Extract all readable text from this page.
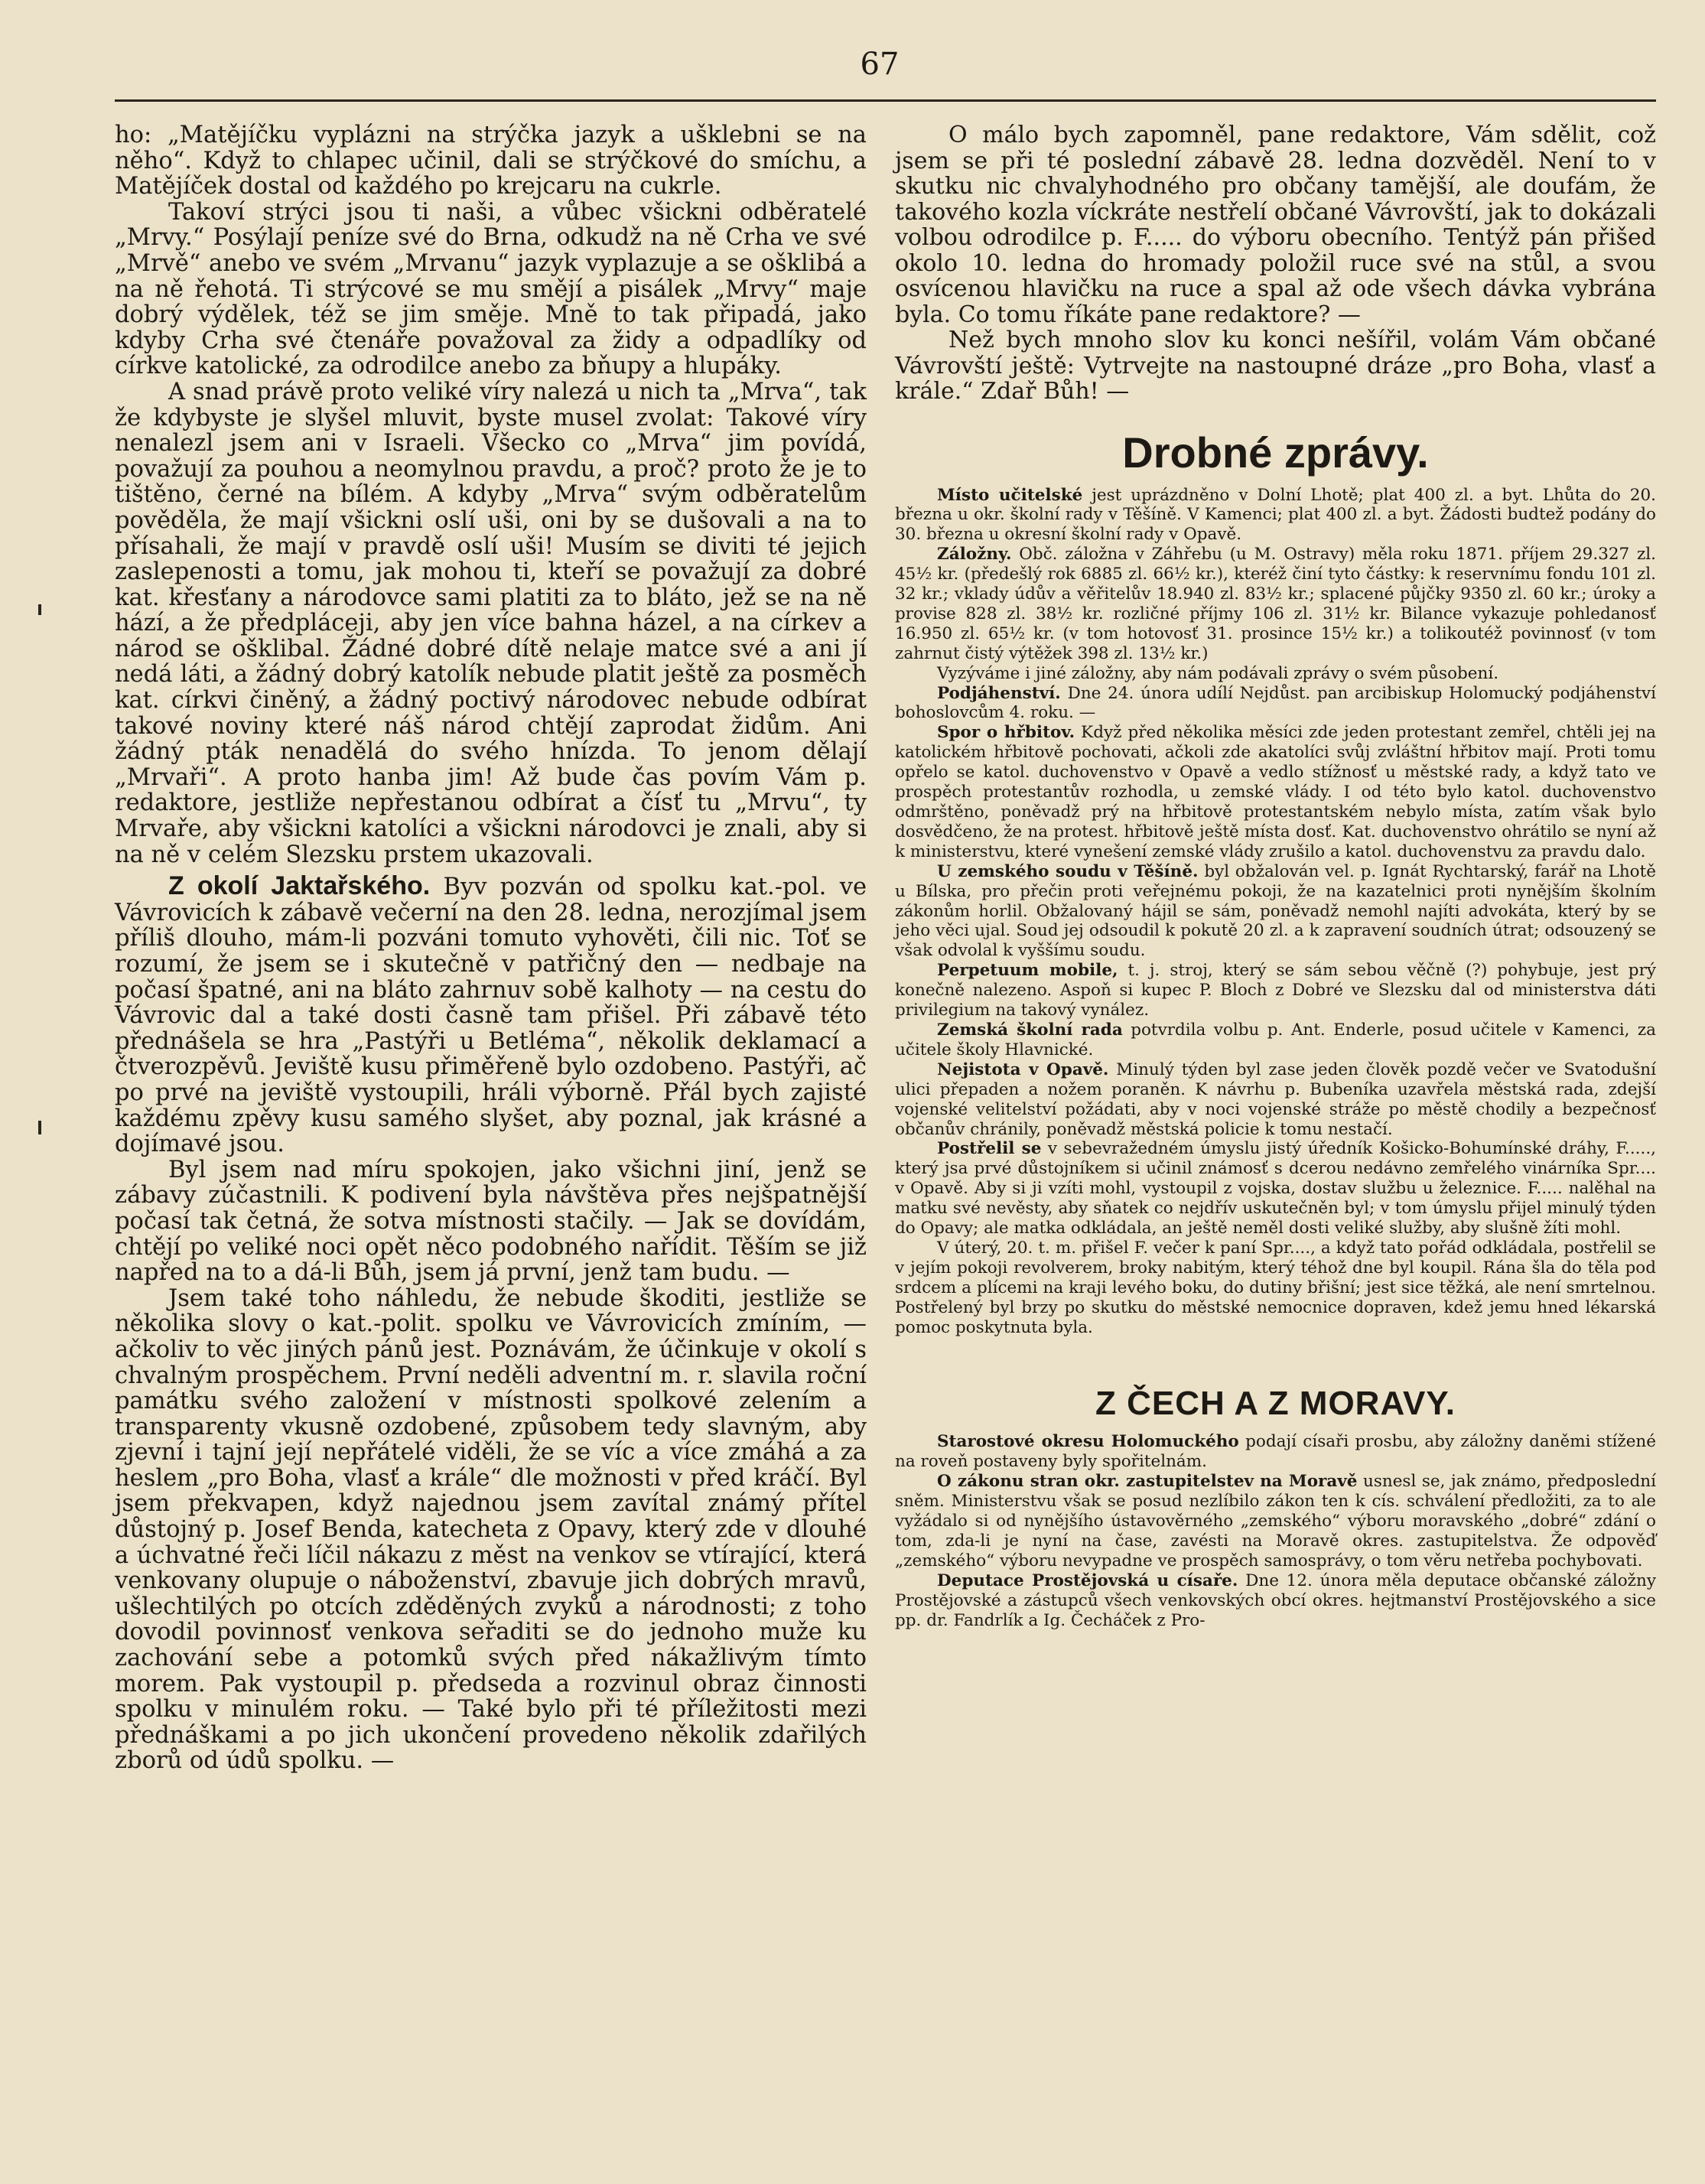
67

ho: „Matějíčku vyplázni na strýčka jazyk a ušklebni se na něho“. Když to chlapec učinil, dali se strýčkové do smíchu, a Matějíček dostal od každého po krejcaru na cukrle.

Takoví strýci jsou ti naši, a vůbec všickni odběratelé „Mrvy.“ Posýlají peníze své do Brna, odkudž na ně Crha ve své „Mrvě“ anebo ve svém „Mrvanu“ jazyk vyplazuje a se ošklibá a na ně řehotá. Ti strýcové se mu smějí a pisálek „Mrvy“ maje dobrý výdělek, též se jim směje. Mně to tak připadá, jako kdyby Crha své čtenáře považoval za židy a odpadlíky od církve katolické, za odrodilce anebo za bňupy a hlupáky.

A snad právě proto veliké víry nalezá u nich ta „Mrva“, tak že kdybyste je slyšel mluvit, byste musel zvolat: Takové víry nenalezl jsem ani v Israeli. Všecko co „Mrva“ jim povídá, považují za pouhou a neomylnou pravdu, a proč? proto že je to tištěno, černé na bílém. A kdyby „Mrva“ svým odběratelům pověděla, že mají všickni oslí uši, oni by se dušovali a na to přísahali, že mají v pravdě oslí uši! Musím se diviti té jejich zaslepenosti a tomu, jak mohou ti, kteří se považují za dobré kat. křesťany a národovce sami platiti za to bláto, jež se na ně hází, a že předpláceji, aby jen více bahna házel, a na církev a národ se ošklibal. Žádné dobré dítě nelaje matce své a ani jí nedá láti, a žádný dobrý katolík nebude platit ještě za posměch kat. církvi činěný, a žádný poctivý národovec nebude odbírat takové noviny které náš národ chtějí zaprodat židům. Ani žádný pták nenadělá do svého hnízda. To jenom dělají „Mrvaři“. A proto hanba jim! Až bude čas povím Vám p. redaktore, jestliže nepřestanou odbírat a čísť tu „Mrvu“, ty Mrvaře, aby všickni katolíci a všickni národovci je znali, aby si na ně v celém Slezsku prstem ukazovali.

Z okolí Jaktařského. Byv pozván od spolku kat.-pol. ve Vávrovicích k zábavě večerní na den 28. ledna, nerozjímal jsem příliš dlouho, mám-li pozváni tomuto vyhověti, čili nic. Toť se rozumí, že jsem se i skutečně v patřičný den — nedbaje na počasí špatné, ani na bláto zahrnuv sobě kalhoty — na cestu do Vávrovic dal a také dosti časně tam přišel. Při zábavě této přednášela se hra „Pastýři u Betléma“, několik deklamací a čtverozpěvů. Jeviště kusu přiměřeně bylo ozdobeno. Pastýři, ač po prvé na jeviště vystoupili, hráli výborně. Přál bych zajisté každému zpěvy kusu samého slyšet, aby poznal, jak krásné a dojímavé jsou.

Byl jsem nad míru spokojen, jako všichni jiní, jenž se zábavy zúčastnili. K podivení byla návštěva přes nejšpatnější počasí tak četná, že sotva místnosti stačily. — Jak se dovídám, chtějí po veliké noci opět něco podobného nařídit. Těším se již napřed na to a dá-li Bůh, jsem já první, jenž tam budu. —

Jsem také toho náhledu, že nebude škoditi, jestliže se několika slovy o kat.-polit. spolku ve Vávrovicích zmíním, — ačkoliv to věc jiných pánů jest. Poznávám, že účinkuje v okolí s chvalným prospěchem. První neděli adventní m. r. slavila roční památku svého založení v místnosti spolkové zelením a transparenty vkusně ozdobené, způsobem tedy slavným, aby zjevní i tajní její nepřátelé viděli, že se víc a více zmáhá a za heslem „pro Boha, vlasť a krále“ dle možnosti v před kráčí. Byl jsem překvapen, když najednou jsem zavítal známý přítel důstojný p. Josef Benda, katecheta z Opavy, který zde v dlouhé a úchvatné řeči líčil nákazu z měst na venkov se vtírající, která venkovany olupuje o náboženství, zbavuje jich dobrých mravů, ušlechtilých po otcích zděděných zvyků a národnosti; z toho dovodil povinnosť venkova seřaditi se do jednoho muže ku zachování sebe a potomků svých před nákažlivým tímto morem. Pak vystoupil p. předseda a rozvinul obraz činnosti spolku v minulém roku. — Také bylo při té příležitosti mezi přednáškami a po jich ukončení provedeno několik zdařilých zborů od údů spolku. —

O málo bych zapomněl, pane redaktore, Vám sdělit, což jsem se při té poslední zábavě 28. ledna dozvěděl. Není to v skutku nic chvalyhodného pro občany tamější, ale doufám, že takového kozla víckráte nestřelí občané Vávrovští, jak to dokázali volbou odrodilce p. F..... do výboru obecního. Tentýž pán přišed okolo 10. ledna do hromady položil ruce své na stůl, a svou osvícenou hlavičku na ruce a spal až ode všech dávka vybrána byla. Co tomu říkáte pane redaktore? —

Než bych mnoho slov ku konci nešířil, volám Vám občané Vávrovští ještě: Vytrvejte na nastoupné dráze „pro Boha, vlasť a krále.“ Zdař Bůh! —

Drobné zprávy.

Místo učitelské jest uprázdněno v Dolní Lhotě; plat 400 zl. a byt. Lhůta do 20. března u okr. školní rady v Těšíně. V Kamenci; plat 400 zl. a byt. Žádosti budtež podány do 30. března u okresní školní rady v Opavě.

Záložny. Obč. záložna v Záhřebu (u M. Ostravy) měla roku 1871. příjem 29.327 zl. 45½ kr. (předešlý rok 6885 zl. 66½ kr.), kteréž činí tyto částky: k reservnímu fondu 101 zl. 32 kr.; vklady údův a věřitelův 18.940 zl. 83½ kr.; splacené půjčky 9350 zl. 60 kr.; úroky a provise 828 zl. 38½ kr. rozličné příjmy 106 zl. 31½ kr. Bilance vykazuje pohledanosť 16.950 zl. 65½ kr. (v tom hotovosť 31. prosince 15½ kr.) a tolikoutéž povinnosť (v tom zahrnut čistý výtěžek 398 zl. 13½ kr.)

Vyzýváme i jiné záložny, aby nám podávali zprávy o svém působení.

Podjáhenství. Dne 24. února udílí Nejdůst. pan arcibiskup Holomucký podjáhenství bohoslovcům 4. roku. —

Spor o hřbitov. Když před několika měsíci zde jeden protestant zemřel, chtěli jej na katolickém hřbitově pochovati, ačkoli zde akatolíci svůj zvláštní hřbitov mají. Proti tomu opřelo se katol. duchovenstvo v Opavě a vedlo stížnosť u městské rady, a když tato ve prospěch protestantův rozhodla, u zemské vlády. I od této bylo katol. duchovenstvo odmrštěno, poněvadž prý na hřbitově protestantském nebylo místa, zatím však bylo dosvědčeno, že na protest. hřbitově ještě místa dosť. Kat. duchovenstvo ohrátilo se nyní až k ministerstvu, které vynešení zemské vlády zrušilo a katol. duchovenstvu za pravdu dalo.

U zemského soudu v Těšíně. byl obžalován vel. p. Ignát Rychtarský, farář na Lhotě u Bílska, pro přečin proti veřejnému pokoji, že na kazatelnici proti nynějším školním zákonům horlil. Obžalovaný hájil se sám, poněvadž nemohl najíti advokáta, který by se jeho věci ujal. Soud jej odsoudil k pokutě 20 zl. a k zapravení soudních útrat; odsouzený se však odvolal k vyššímu soudu.

Perpetuum mobile, t. j. stroj, který se sám sebou věčně (?) pohybuje, jest prý konečně nalezeno. Aspoň si kupec P. Bloch z Dobré ve Slezsku dal od ministerstva dáti privilegium na takový vynález.

Zemská školní rada potvrdila volbu p. Ant. Enderle, posud učitele v Kamenci, za učitele školy Hlavnické.

Nejistota v Opavě. Minulý týden byl zase jeden člověk pozdě večer ve Svatodušní ulici přepaden a nožem poraněn. K návrhu p. Bubeníka uzavřela městská rada, zdejší vojenské velitelství požádati, aby v noci vojenské stráže po městě chodily a bezpečnosť občanův chránily, poněvadž městská policie k tomu nestačí.

Postřelil se v sebevražedném úmyslu jistý úředník Košicko-Bohumínské dráhy, F....., který jsa prvé důstojníkem si učinil známosť s dcerou nedávno zemřelého vinárníka Spr.... v Opavě. Aby si ji vzíti mohl, vystoupil z vojska, dostav službu u železnice. F..... nalěhal na matku své nevěsty, aby sňatek co nejdřív uskutečněn byl; v tom úmyslu přijel minulý týden do Opavy; ale matka odkládala, an ještě neměl dosti veliké služby, aby slušně žíti mohl.

V úterý, 20. t. m. přišel F. večer k paní Spr...., a když tato pořád odkládala, postřelil se v jejím pokoji revolverem, broky nabitým, který téhož dne byl koupil. Rána šla do těla pod srdcem a plícemi na kraji levého boku, do dutiny břišní; jest sice těžká, ale není smrtelnou. Postřelený byl brzy po skutku do městské nemocnice dopraven, kdež jemu hned lékarská pomoc poskytnuta byla.

Z ČECH A Z MORAVY.

Starostové okresu Holomuckého podají císaři prosbu, aby záložny daněmi stížené na roveň postaveny byly spořitelnám.

O zákonu stran okr. zastupitelstev na Moravě usnesl se, jak známo, předposlední sněm. Ministerstvu však se posud nezlíbilo zákon ten k cís. schválení předložiti, za to ale vyžádalo si od nynějšího ústavověrného „zemského“ výboru moravského „dobré“ zdání o tom, zda-li je nyní na čase, zavésti na Moravě okres. zastupitelstva. Že odpověď „zemského“ výboru nevypadne ve prospěch samosprávy, o tom věru netřeba pochybovati.

Deputace Prostějovská u císaře. Dne 12. února měla deputace občanské záložny Prostějovské a zástupců všech venkovských obcí okres. hejtmanství Prostějovského a sice pp. dr. Fandrlík a Ig. Čecháček z Pro-
